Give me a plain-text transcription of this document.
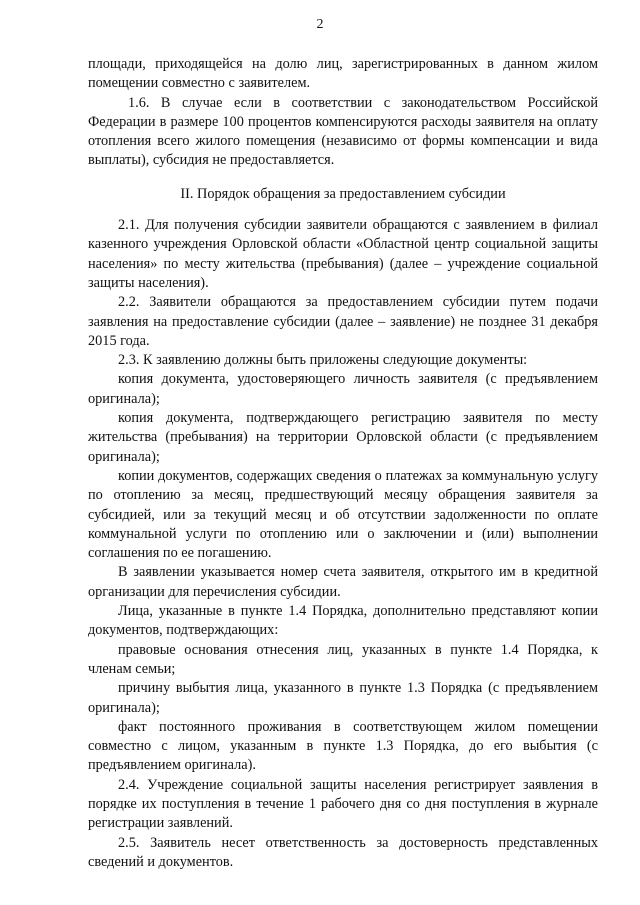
2

площади, приходящейся на долю лиц, зарегистрированных в данном жилом помещении совместно с заявителем.

1.6. В случае если в соответствии с законодательством Российской Федерации в размере 100 процентов компенсируются расходы заявителя на оплату отопления всего жилого помещения (независимо от формы компенсации и вида выплаты), субсидия не предоставляется.

II. Порядок обращения за предоставлением субсидии

2.1. Для получения субсидии заявители обращаются с заявлением в филиал казенного учреждения Орловской области «Областной центр социальной защиты населения» по месту жительства (пребывания) (далее – учреждение социальной защиты населения).

2.2. Заявители обращаются за предоставлением субсидии путем подачи заявления на предоставление субсидии (далее – заявление) не позднее 31 декабря 2015 года.

2.3. К заявлению должны быть приложены следующие документы:

копия документа, удостоверяющего личность заявителя (с предъявлением оригинала);

копия документа, подтверждающего регистрацию заявителя по месту жительства (пребывания) на территории Орловской области (с предъявлением оригинала);

копии документов, содержащих сведения о платежах за коммунальную услугу по отоплению за месяц, предшествующий месяцу обращения заявителя за субсидией, или за текущий месяц и об отсутствии задолженности по оплате коммунальной услуги по отоплению или о заключении и (или) выполнении соглашения по ее погашению.

В заявлении указывается номер счета заявителя, открытого им в кредитной организации для перечисления субсидии.

Лица, указанные в пункте 1.4 Порядка, дополнительно представляют копии документов, подтверждающих:

правовые основания отнесения лиц, указанных в пункте 1.4 Порядка, к членам семьи;

причину выбытия лица, указанного в пункте 1.3 Порядка (с предъявлением оригинала);

факт постоянного проживания в соответствующем жилом помещении совместно с лицом, указанным в пункте 1.3 Порядка, до его выбытия (с предъявлением оригинала).

2.4. Учреждение социальной защиты населения регистрирует заявления в порядке их поступления в течение 1 рабочего дня со дня поступления в журнале регистрации заявлений.

2.5. Заявитель несет ответственность за достоверность представленных сведений и документов.
